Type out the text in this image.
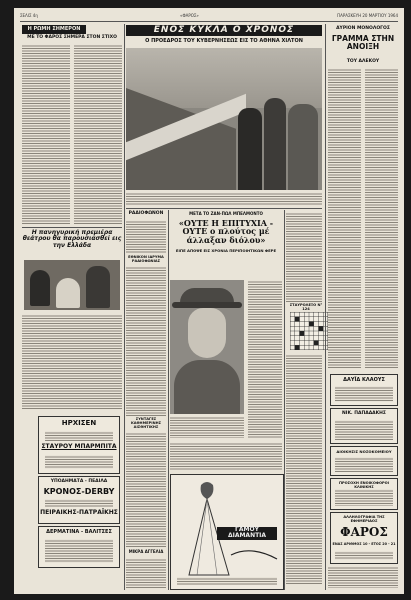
ΣΕΛΙΣ 4η	«ΦΑΡΟΣ»	ΠΑΡΑΣΚΕΥΗ 20 ΜΑΡΤΙΟΥ 1964
Η ΡΩΜΗ ΣΗΜΕΡΟΝ
ΜΕ ΤΟ ΦΑΡΟΣ ΣΗΜΕΡΑ ΣΤΟΝ ΣΤΙΧΟ
Η πανηγυρική πρεμιέρα θεάτρου θα παρουσιασθεί εις την Ελλάδα
ΗΡΧΙΣΕΝ
ΣΤΑΥΡΟΥ ΜΠΑΡΜΠΙΤΑ
ΥΠΟΔΗΜΑΤΑ - ΠΕΔΙΛΑ
ΚΡΟΝΟΣ-DERBY
ΠΕΙΡΑΙΚΗΣ-ΠΑΤΡΑΪΚΗΣ
ΔΕΡΜΑΤΙΝΑ - ΒΑΛΙΤΣΕΣ
ΕΝΟΣ ΚΥΚΛΑ Ο ΧΡΟΝΟΣ
Ο ΠΡΟΕΔΡΟΣ ΤΟΥ ΚΥΒΕΡΝΗΣΕΩΣ ΕΙΣ ΤΟ ΑΘΗΝΑ ΧΙΛΤΟΝ
ΡΑΔΙΟΦΩΝΟΝ
ΕΘΝΙΚΟΝ ΙΔΡΥΜΑ ΡΑΔΙΟΦΩΝΙΑΣ
ΣΥΝΤΑΓΕΣ ΚΑΘΗΜΕΡΙΝΗΣ ΑΙΣΘΗΤΙΚΗΣ
ΜΙΚΡΑ ΑΓΓΕΛΙΑ
ΜΕΤΑ ΤΟ ΖΑΝ-ΠΩΛ ΜΠΕΛΜΟΝΤΟ
«ΟΥΤΕ Η ΕΠΙΤΥΧΙΑ - ΟΥΤΕ ο πλούτος μέ άλλαξαν διόλου»
ΕΙΠΕ ΑΠΟΨΕ ΕΙΣ ΧΡΟΝΙΑ ΠΕΡΙΠΟΙΗΤΙΚΩΝ ΦΕΡΕ
ΓΑΜΟΥ ΔΙΑΜΑΝΤΙΑ
ΣΤΑΥΡΟΛΕΞΟ Ν° 124
ΑΥΡΙΟΝ ΜΟΝΟΛΟΓΟΣ
ΓΡΑΜΜΑ ΣΤΗΝ ΑΝΟΙΞΗ
ΤΟΥ ΑΛΕΚΟΥ
ΔΑΥΪΔ ΚΛΑΟΥΣ
ΝΙΚ. ΠΑΠΑΔΑΚΗΣ
ΔΙΟΙΚΗΣΙΣ ΝΟΣΟΚΟΜΕΙΟΥ
ΠΡΟΣΟΧΗ ΕΝΟΙΚΟΦΟΡΟΙ ΚΛΙΝΙΚΗΣ
ΑΛΛΗΛΟΓΡΑΦΙΑ ΤΗΣ ΕΦΗΜΕΡΙΔΟΣ
ΦΑΡΟΣ
ΕΝΑΣ ΑΡΙΘΜΟΣ 10 - ΕΤΟΣ 20 - 21
